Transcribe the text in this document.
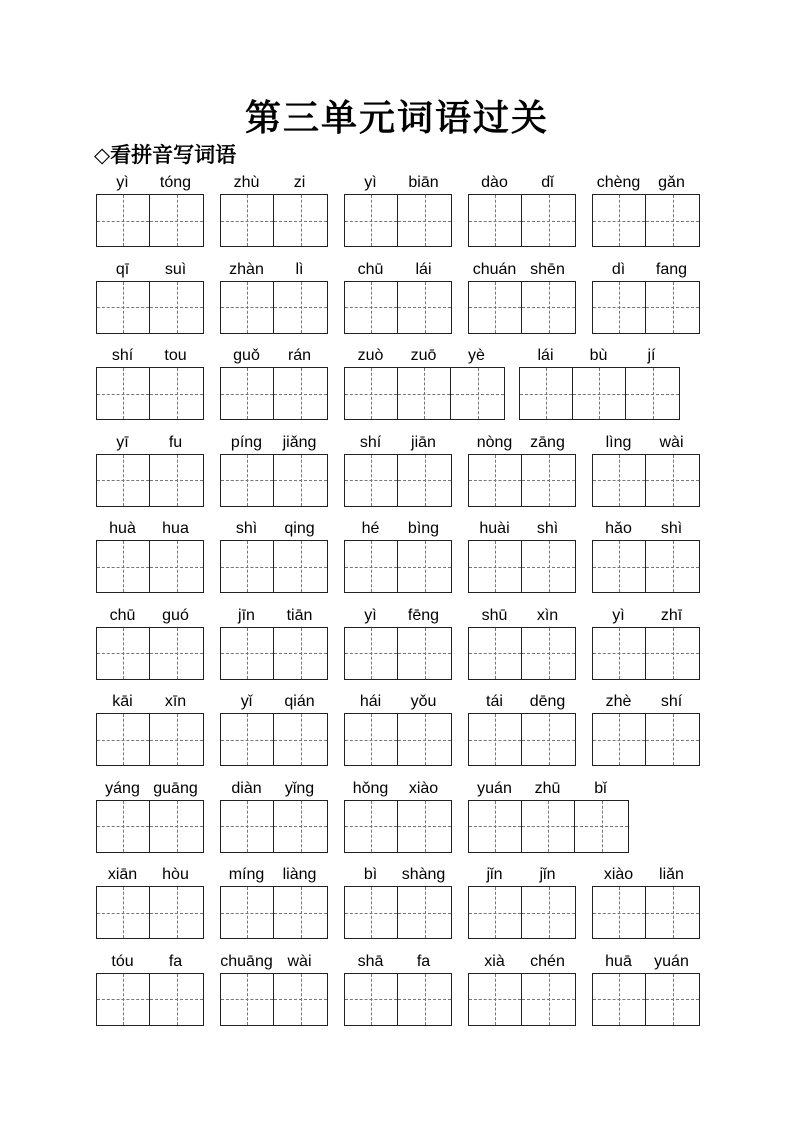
第三单元词语过关
◇看拼音写词语
yì	tóng	zhù	zi	yì	biān	dào	dǐ	chèng	gǎn
qī	suì	zhàn	lì	chū	lái	chuán shēn	dì	fang
shí	tou	guǒ	rán	zuò	zuō	yè	lái	bù	jí
yī	fu	píng	jiǎng	shí	jiān	nòng	zāng	lìng	wài
huà	hua	shì	qing	hé	bìng	huài	shì	hǎo	shì
chū	guó	jīn	tiān	yì	fēng	shū	xìn	yì	zhī
kāi	xīn	yǐ	qián	hái	yǒu	tái	dēng	zhè	shí
yáng guāng	diàn	yǐng	hǒng	xiào	yuán	zhū	bǐ
xiān	hòu	míng	liàng	bì	shàng	jǐn	jǐn	xiào	liǎn
tóu	fa	chuāng wài	shā	fa	xià	chén	huā	yuán
